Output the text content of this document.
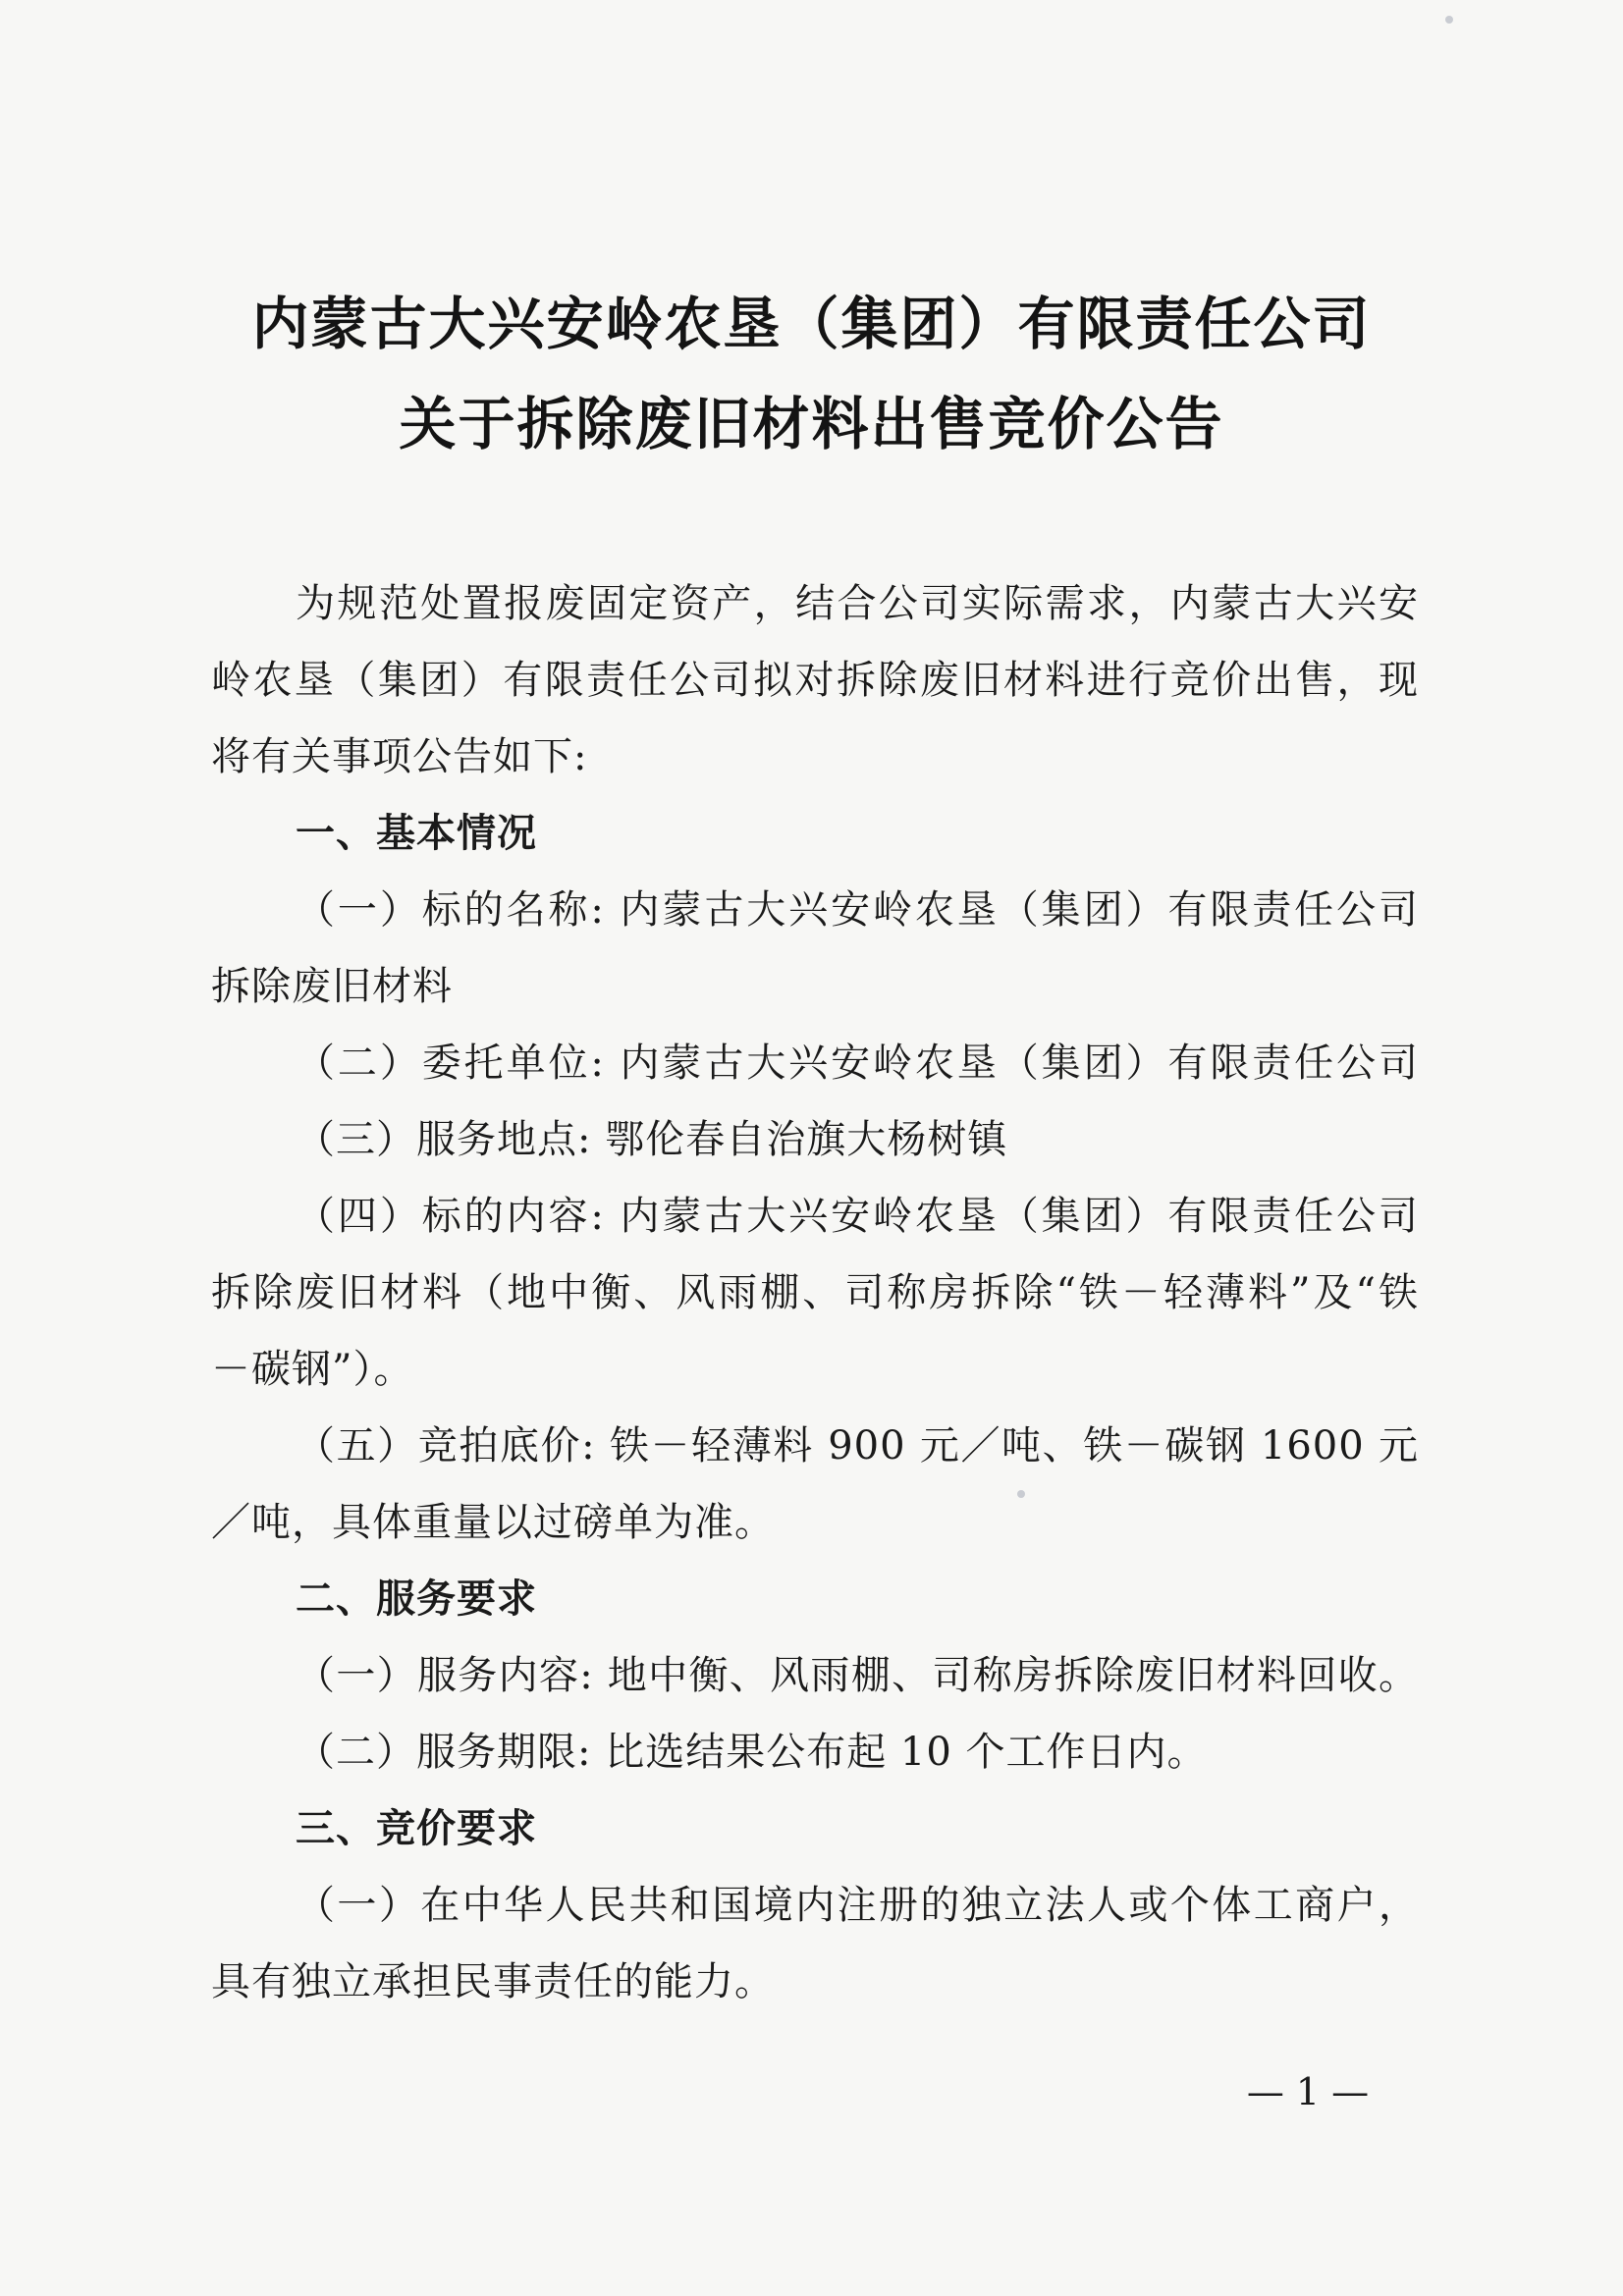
内蒙古大兴安岭农垦（集团）有限责任公司
关于拆除废旧材料出售竞价公告
为规范处置报废固定资产，结合公司实际需求，内蒙古大兴安
岭农垦（集团）有限责任公司拟对拆除废旧材料进行竞价出售，现
将有关事项公告如下:
一、基本情况
（一）标的名称: 内蒙古大兴安岭农垦（集团）有限责任公司
拆除废旧材料
（二）委托单位: 内蒙古大兴安岭农垦（集团）有限责任公司
（三）服务地点: 鄂伦春自治旗大杨树镇
（四）标的内容: 内蒙古大兴安岭农垦（集团）有限责任公司
拆除废旧材料（地中衡、风雨棚、司称房拆除“铁－轻薄料”及“铁
－碳钢”）。
（五）竞拍底价: 铁－轻薄料 900 元／吨、铁－碳钢 1600 元
／吨，具体重量以过磅单为准。
二、服务要求
（一）服务内容: 地中衡、风雨棚、司称房拆除废旧材料回收。
（二）服务期限: 比选结果公布起 10 个工作日内。
三、竞价要求
（一）在中华人民共和国境内注册的独立法人或个体工商户，
具有独立承担民事责任的能力。
— 1 —
